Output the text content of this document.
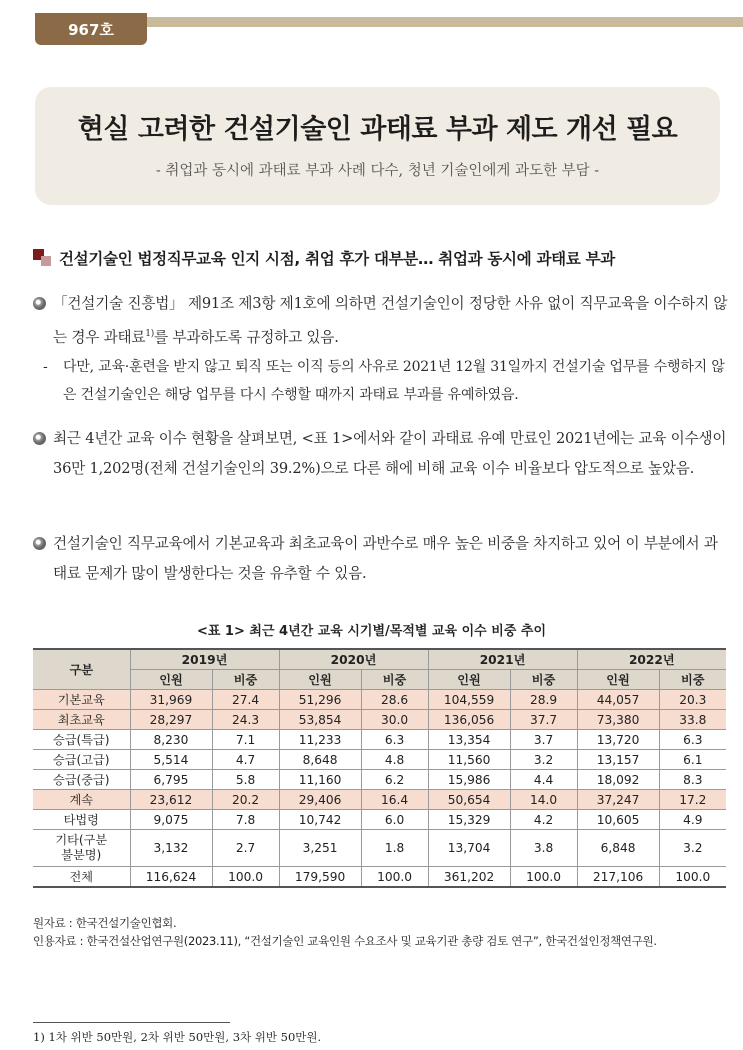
967호
현실 고려한 건설기술인 과태료 부과 제도 개선 필요
- 취업과 동시에 과태료 부과 사례 다수, 청년 기술인에게 과도한 부담 -
건설기술인 법정직무교육 인지 시점, 취업 후가 대부분… 취업과 동시에 과태료 부과
「건설기술 진흥법」 제91조 제3항 제1호에 의하면 건설기술인이 정당한 사유 없이 직무교육을 이수하지 않는 경우 과태료$^{1)}$를 부과하도록 규정하고 있음.
-	다만, 교육·훈련을 받지 않고 퇴직 또는 이직 등의 사유로 2021년 12월 31일까지 건설기술 업무를 수행하지 않은 건설기술인은 해당 업무를 다시 수행할 때까지 과태료 부과를 유예하였음.
최근 4년간 교육 이수 현황을 살펴보면, <표 1>에서와 같이 과태료 유예 만료인 2021년에는 교육 이수생이 36만 1,202명(전체 건설기술인의 39.2%)으로 다른 해에 비해 교육 이수 비율보다 압도적으로 높았음.
건설기술인 직무교육에서 기본교육과 최초교육이 과반수로 매우 높은 비중을 차지하고 있어 이 부분에서 과태료 문제가 많이 발생한다는 것을 유추할 수 있음.
<표 1> 최근 4년간 교육 시기별/목적별 교육 이수 비중 추이
구분	2019년		2020년		2021년		2022년	
	인원	비중	인원	비중	인원	비중	인원	비중
기본교육	31,969	27.4	51,296	28.6	104,559	28.9	44,057	20.3
최초교육	28,297	24.3	53,854	30.0	136,056	37.7	73,380	33.8
승급(특급)	8,230	7.1	11,233	6.3	13,354	3.7	13,720	6.3
승급(고급)	5,514	4.7	8,648	4.8	11,560	3.2	13,157	6.1
승급(중급)	6,795	5.8	11,160	6.2	15,986	4.4	18,092	8.3
계속	23,612	20.2	29,406	16.4	50,654	14.0	37,247	17.2
타법령	9,075	7.8	10,742	6.0	15,329	4.2	10,605	4.9

기타(구분
불분명)	3,132	2.7	3,251	1.8	13,704	3.8	6,848	3.2
전체	116,624	100.0	179,590	100.0	361,202	100.0	217,106	100.0
원자료 : 한국건설기술인협회.
인용자료 : 한국건설산업연구원(2023.11), “건설기술인 교육인원 수요조사 및 교육기관 총량 검토 연구”, 한국건설인정책연구원.
1) 1차 위반 50만원, 2차 위반 50만원, 3차 위반 50만원.
